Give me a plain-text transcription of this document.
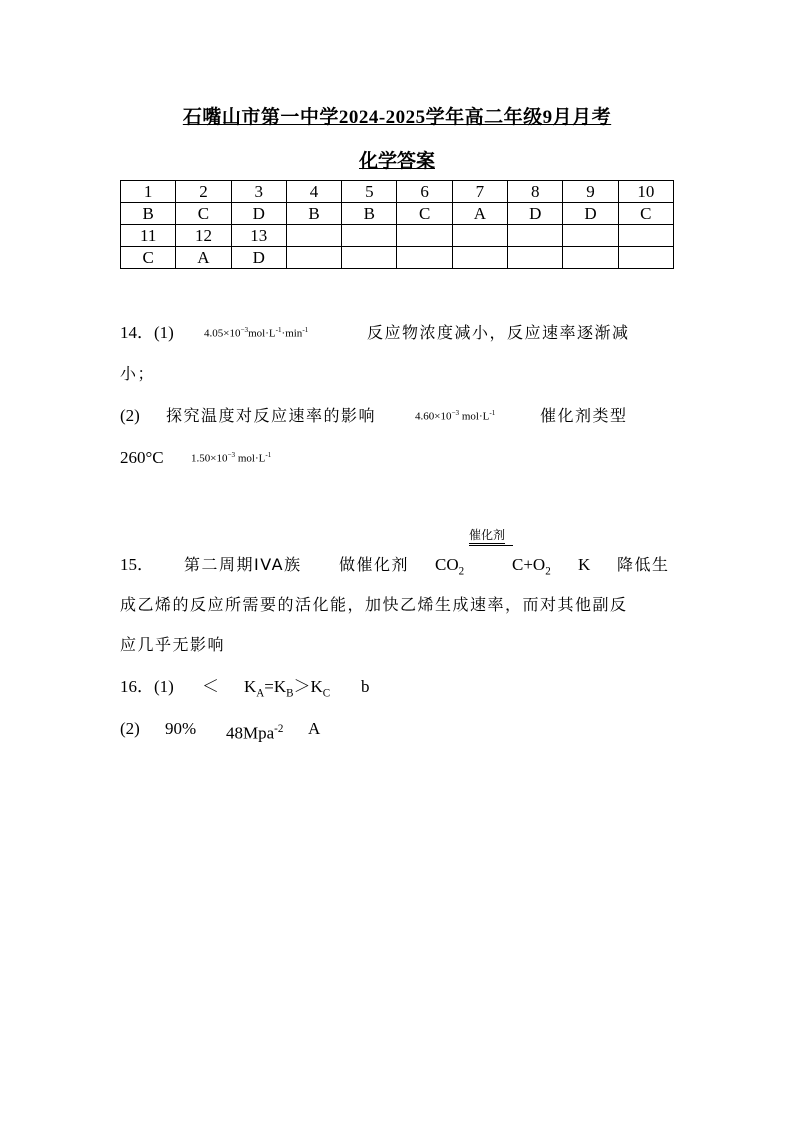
石嘴山市第一中学2024-2025学年高二年级9月月考
化学答案
1	2	3	4	5	6	7	8	9	10
B	C	D	B	B	C	A	D	D	C
11	12	13							
C	A	D							
14．(1)	$4.05\times 10^{-3}mol\cdot L^{-1}\cdot\min^{-1}$	反应物浓度减小，反应速率逐渐减
小；
(2) 探究温度对反应速率的影响	$4.60\times 10^{-3}$ $mol\cdot L^{-1}$	催化剂类型
260°C $1.50\times 10^{-3}$ $mol\cdot L^{-1}$
催化剂
15． 第二周期IVA族 做催化剂 $CO_2$	$C+O_2$ K 降低生
成乙烯的反应所需要的活化能，加快乙烯生成速率，而对其他副反
应几乎无影响
16．$(1) < K_A=K_B>K_C$ b
(2) 90% 48Mpa$^{-2}$ A
